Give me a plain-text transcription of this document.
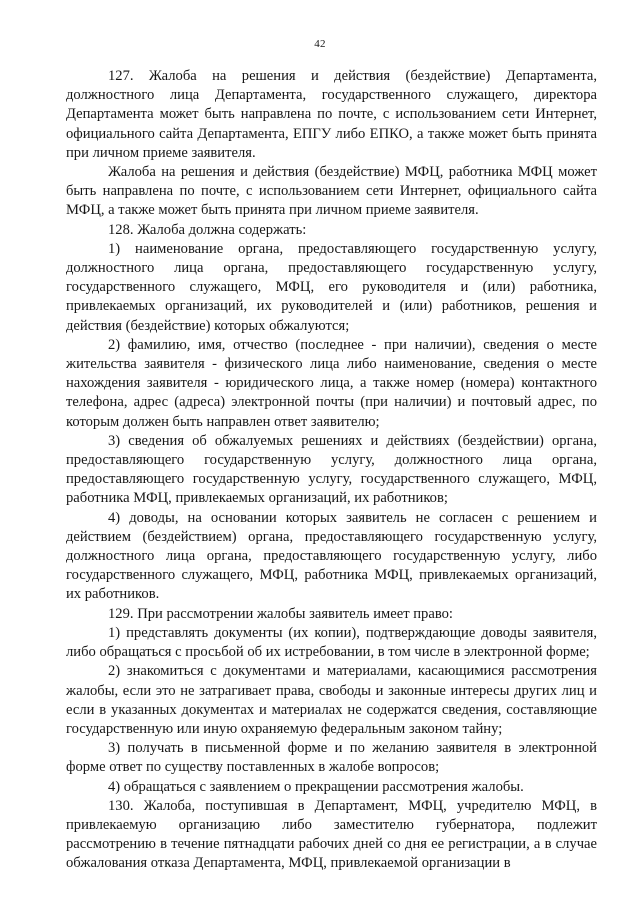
42

127. Жалоба на решения и действия (бездействие) Департамента, должностного лица Департамента, государственного служащего, директора Департамента может быть направлена по почте, с использованием сети Интернет, официального сайта Департамента, ЕПГУ либо ЕПКО, а также может быть принята при личном приеме заявителя.

Жалоба на решения и действия (бездействие) МФЦ, работника МФЦ может быть направлена по почте, с использованием сети Интернет, официального сайта МФЦ, а также может быть принята при личном приеме заявителя.

128. Жалоба должна содержать:

1) наименование органа, предоставляющего государственную услугу, должностного лица органа, предоставляющего государственную услугу, государственного служащего, МФЦ, его руководителя и (или) работника, привлекаемых организаций, их руководителей и (или) работников, решения и действия (бездействие) которых обжалуются;

2) фамилию, имя, отчество (последнее - при наличии), сведения о месте жительства заявителя - физического лица либо наименование, сведения о месте нахождения заявителя - юридического лица, а также номер (номера) контактного телефона, адрес (адреса) электронной почты (при наличии) и почтовый адрес, по которым должен быть направлен ответ заявителю;

3) сведения об обжалуемых решениях и действиях (бездействии) органа, предоставляющего государственную услугу, должностного лица органа, предоставляющего государственную услугу, государственного служащего, МФЦ, работника МФЦ, привлекаемых организаций, их работников;

4) доводы, на основании которых заявитель не согласен с решением и действием (бездействием) органа, предоставляющего государственную услугу, должностного лица органа, предоставляющего государственную услугу, либо государственного служащего, МФЦ, работника МФЦ, привлекаемых организаций, их работников.

129. При рассмотрении жалобы заявитель имеет право:

1) представлять документы (их копии), подтверждающие доводы заявителя, либо обращаться с просьбой об их истребовании, в том числе в электронной форме;

2) знакомиться с документами и материалами, касающимися рассмотрения жалобы, если это не затрагивает права, свободы и законные интересы других лиц и если в указанных документах и материалах не содержатся сведения, составляющие государственную или иную охраняемую федеральным законом тайну;

3) получать в письменной форме и по желанию заявителя в электронной форме ответ по существу поставленных в жалобе вопросов;

4) обращаться с заявлением о прекращении рассмотрения жалобы.

130. Жалоба, поступившая в Департамент, МФЦ, учредителю МФЦ, в привлекаемую организацию либо заместителю губернатора, подлежит рассмотрению в течение пятнадцати рабочих дней со дня ее регистрации, а в случае обжалования отказа Департамента, МФЦ, привлекаемой организации в
